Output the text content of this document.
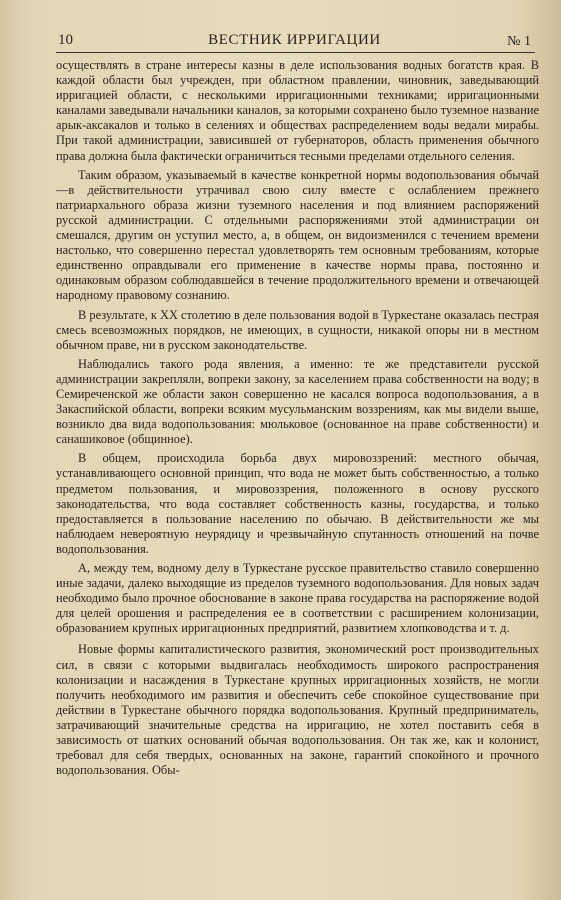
10	ВЕСТНИК ИРРИГАЦИИ	№ 1

осуществлять в стране интересы казны в деле использования водных богатств края. В каждой области был учрежден, при областном правлении, чиновник, заведывающий ирригацией области, с несколькими ирригационными техниками; ирригационными каналами заведывали начальники каналов, за которыми сохранено было туземное название арык-аксакалов и только в селениях и обществах распределением воды ведали мирабы. При такой администрации, зависившей от губернаторов, область применения обычного права должна была фактически ограничиться тесными пределами отдельного селения.

Таким образом, указываемый в качестве конкретной нормы водопользования обычай—в действительности утрачивал свою силу вместе с ослаблением прежнего патриархального образа жизни туземного населения и под влиянием распоряжений русской администрации. С отдельными распоряжениями этой администрации он смешался, другим он уступил место, а, в общем, он видоизменился с течением времени настолько, что совершенно перестал удовлетворять тем основным требованиям, которые единственно оправдывали его применение в качестве нормы права, постоянно и одинаковым образом соблюдавшейся в течение продолжительного времени и отвечающей народному правовому сознанию.

В результате, к XX столетию в деле пользования водой в Туркестане оказалась пестрая смесь всевозможных порядков, не имеющих, в сущности, никакой опоры ни в местном обычном праве, ни в русском законодательстве.

Наблюдались такого рода явления, а именно: те же представители русской администрации закрепляли, вопреки закону, за каселением права собственности на воду; в Семиреченской же области закон совершенно не касался вопроса водопользования, а в Закаспийской области, вопреки всяким мусульманским воззрениям, как мы видели выше, возникло два вида водопользования: мюльковое (основанное на праве собственности) и санашиковое (общинное).

В общем, происходила борьба двух мировоззрений: местного обычая, устанавливающего основной принцип, что вода не может быть собственностью, а только предметом пользования, и мировоззрения, положенного в основу русского законодательства, что вода составляет собственность казны, государства, и только предоставляется в пользование населению по обычаю. В действительности же мы наблюдаем невероятную неурядицу и чрезвычайную спутанность отношений на почве водопользования.

А, между тем, водному делу в Туркестане русское правительство ставило совершенно иные задачи, далеко выходящие из пределов туземного водопользования. Для новых задач необходимо было прочное обоснование в законе права государства на распоряжение водой для целей орошения и распределения ее в соответствии с расширением колонизации, образованием крупных ирригационных предприятий, развитием хлопководства и т. д.

Новые формы капиталистического развития, экономический рост производительных сил, в связи с которыми выдвигалась необходимость широкого распространения колонизации и насаждения в Туркестане крупных ирригационных хозяйств, не могли получить необходимого им развития и обеспечить себе спокойное существование при действии в Туркестане обычного порядка водопользования. Крупный предприниматель, затрачивающий значительные средства на ирригацию, не хотел поставить себя в зависимость от шатких оснований обычая водопользования. Он так же, как и колонист, требовал для себя твердых, основанных на законе, гарантий спокойного и прочного водопользования. Обы-
